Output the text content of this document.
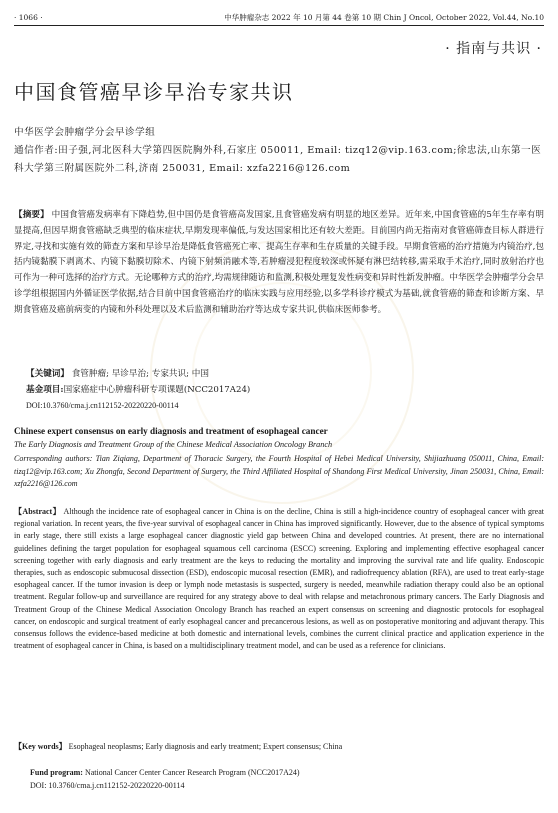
· 1066 ·	中华肿瘤杂志 2022 年 10 月第 44 卷第 10 期 Chin J Oncol, October 2022, Vol.44, No.10
· 指南与共识 ·
中国食管癌早诊早治专家共识
中华医学会肿瘤学分会早诊学组
通信作者:田子强,河北医科大学第四医院胸外科,石家庄 050011, Email: tizq12@vip.163.com;徐忠法,山东第一医科大学第三附属医院外二科,济南 250031, Email: xzfa2216@126.com
【摘要】 中国食管癌发病率有下降趋势,但中国仍是食管癌高发国家,且食管癌发病有明显的地区差异。近年来,中国食管癌的5年生存率有明显提高,但因早期食管癌缺乏典型的临床症状,早期发现率偏低,与发达国家相比还有较大差距。目前国内尚无指南对食管癌筛查目标人群进行界定,寻找和实施有效的筛查方案和早诊早治是降低食管癌死亡率、提高生存率和生存质量的关键手段。早期食管癌的治疗措施为内镜治疗,包括内镜黏膜下剥离术、内镜下黏膜切除术、内镜下射频消融术等,若肿瘤浸犯程度较深或怀疑有淋巴结转移,需采取手术治疗,同时放射治疗也可作为一种可选择的治疗方式。无论哪种方式的治疗,均需规律随访和监测,积极处理复发性病变和异时性新发肿瘤。中华医学会肿瘤学分会早诊学组根据国内外循证医学依据,结合目前中国食管癌治疗的临床实践与应用经验,以多学科诊疗模式为基础,就食管癌的筛查和诊断方案、早期食管癌及癌前病变的内镜和外科处理以及术后监测和辅助治疗等达成专家共识,供临床医师参考。
【关键词】 食管肿瘤; 早诊早治; 专家共识; 中国
基金项目:国家癌症中心肿瘤科研专项课题(NCC2017A24)
DOI:10.3760/cma.j.cn112152-20220220-00114
Chinese expert consensus on early diagnosis and treatment of esophageal cancer
The Early Diagnosis and Treatment Group of the Chinese Medical Association Oncology Branch
Corresponding authors: Tian Ziqiang, Department of Thoracic Surgery, the Fourth Hospital of Hebei Medical University, Shijiazhuang 050011, China, Email: tizq12@vip.163.com; Xu Zhongfa, Second Department of Surgery, the Third Affiliated Hospital of Shandong First Medical University, Jinan 250031, China, Email: xzfa2216@126.com
【Abstract】 Although the incidence rate of esophageal cancer in China is on the decline, China is still a high-incidence country of esophageal cancer with great regional variation. In recent years, the five-year survival of esophageal cancer in China has improved significantly. However, due to the absence of typical symptoms in early stage, there still exists a large esophageal cancer diagnostic yield gap between China and developed countries. At present, there are no international guidelines defining the target population for esophageal squamous cell carcinoma (ESCC) screening. Exploring and implementing effective esophageal cancer screening together with early diagnosis and early treatment are the keys to reducing the mortality and improving the survival rate and life quality. Endoscopic therapies, such as endoscopic submucosal dissection (ESD), endoscopic mucosal resection (EMR), and radiofrequency ablation (RFA), are used to treat early-stage esophageal cancer. If the tumor invasion is deep or lymph node metastasis is suspected, surgery is needed, meanwhile radiation therapy could also be an optional treatment. Regular follow-up and surveillance are required for any strategy above to deal with relapse and metachronous primary cancers. The Early Diagnosis and Treatment Group of the Chinese Medical Association Oncology Branch has reached an expert consensus on screening and diagnostic protocols for esophageal cancer, on endoscopic and surgical treatment of early esophageal cancer and precancerous lesions, as well as on postoperative monitoring and adjuvant therapy. This consensus follows the evidence-based medicine at both domestic and international levels, combines the current clinical practice and application experience in the treatment of esophageal cancer in China, is based on a multidisciplinary treatment model, and can be used as a reference for clinicians.
【Key words】 Esophageal neoplasms; Early diagnosis and early treatment; Expert consensus; China
Fund program: National Cancer Center Cancer Research Program (NCC2017A24)
DOI: 10.3760/cma.j.cn112152-20220220-00114
